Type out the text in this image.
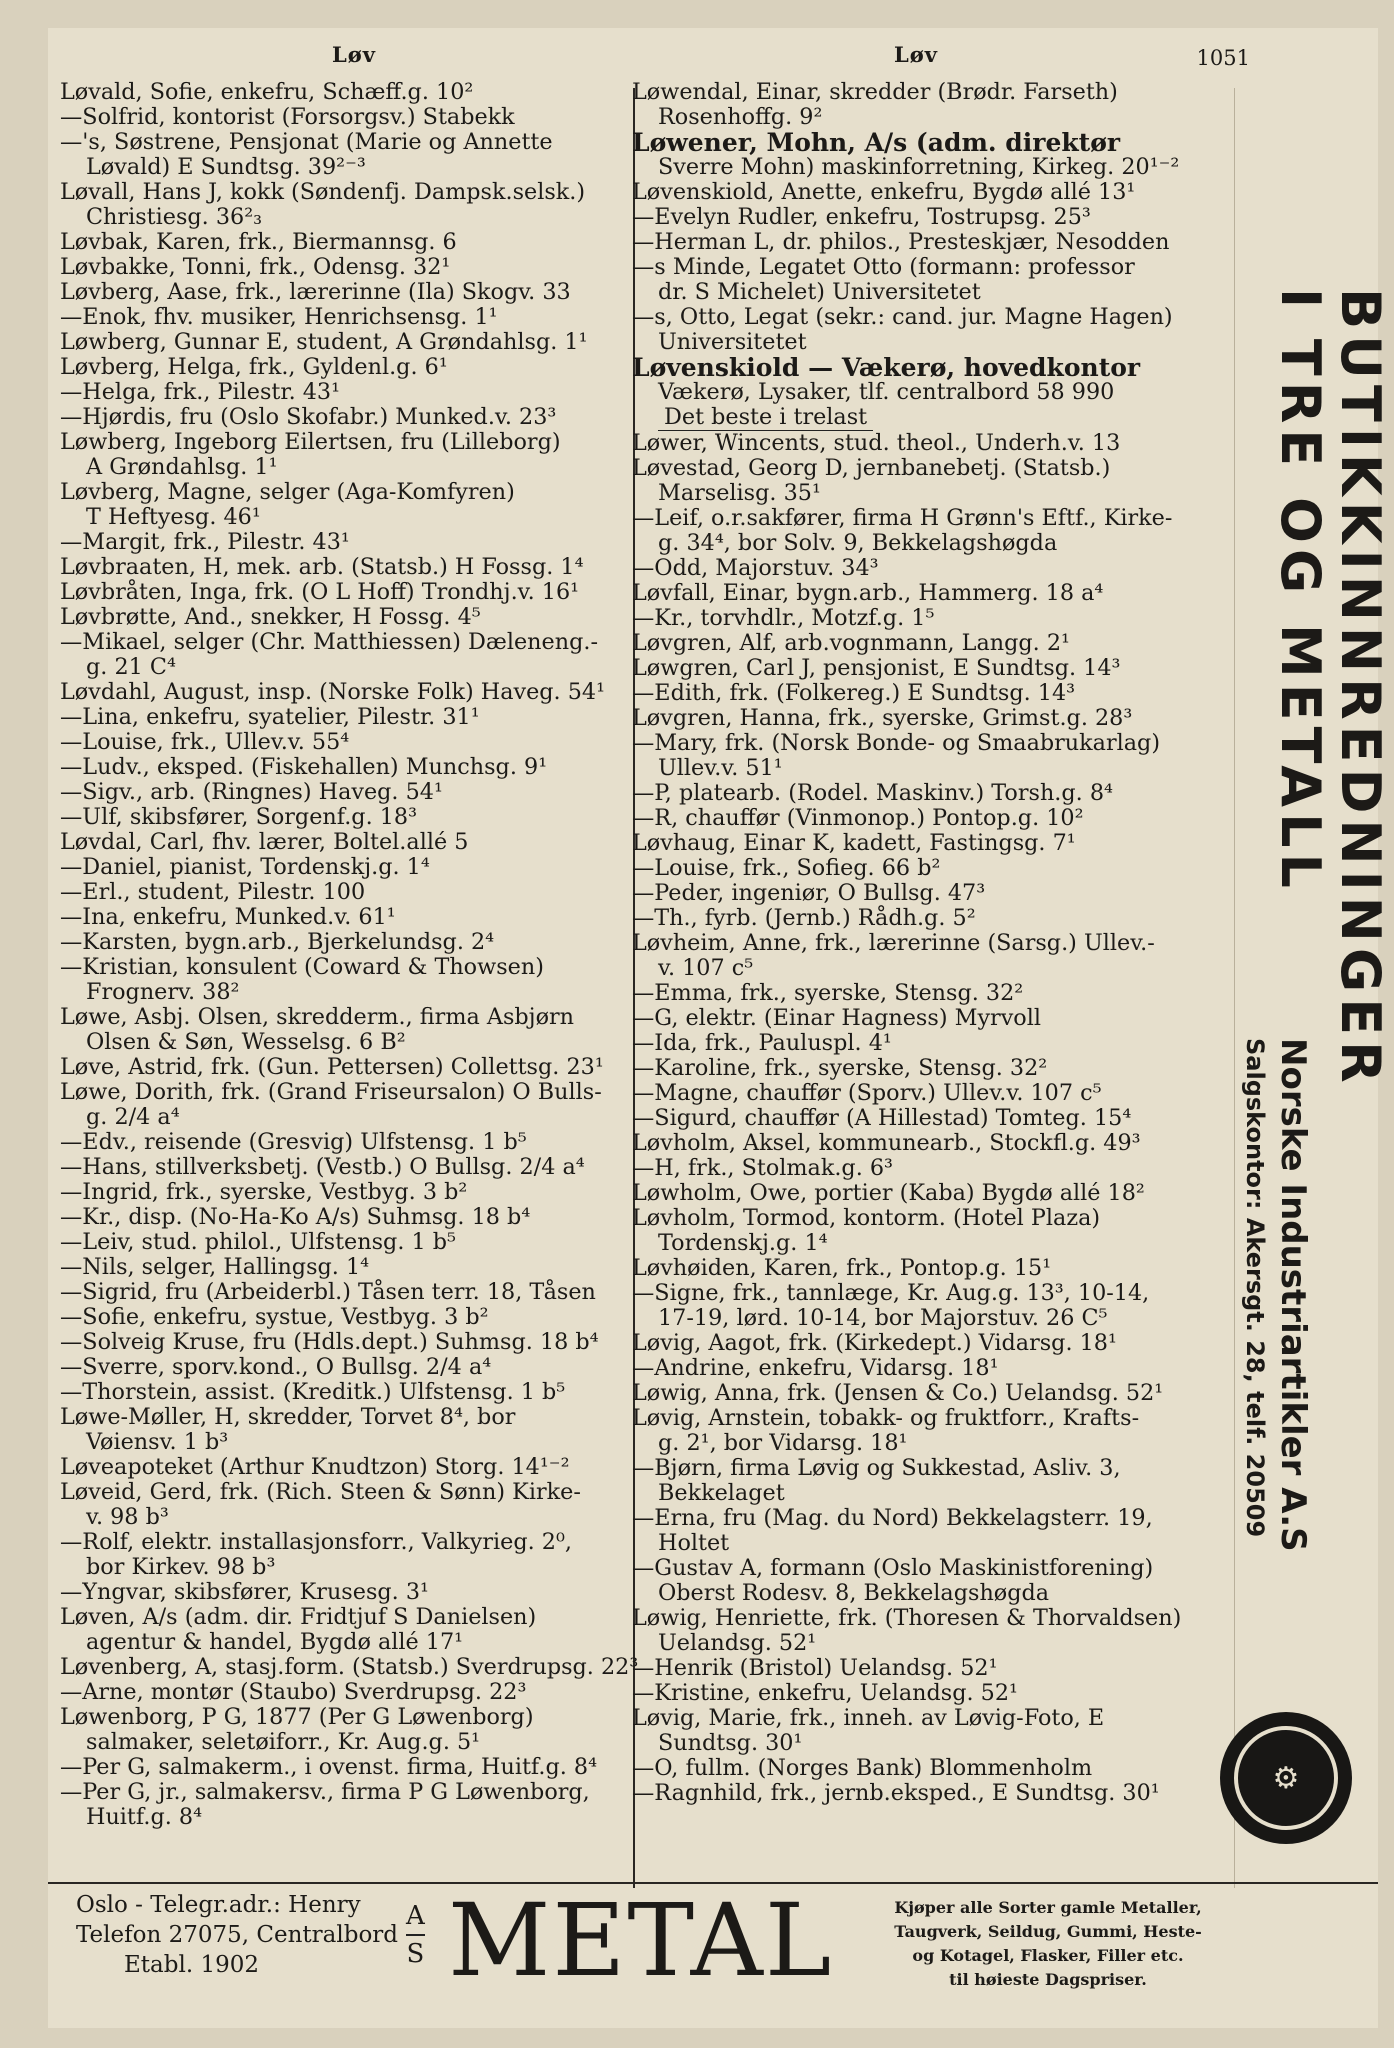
Løv	Løv	1051
Løvald, Sofie, enkefru, Schæff.g. 10²
—Solfrid, kontorist (Forsorgsv.) Stabekk
—'s, Søstrene, Pensjonat (Marie og Annette
Løvald) E Sundtsg. 39²⁻³
Løvall, Hans J, kokk (Søndenfj. Dampsk.selsk.)
Christiesg. 36²₃
Løvbak, Karen, frk., Biermannsg. 6
Løvbakke, Tonni, frk., Odensg. 32¹
Løvberg, Aase, frk., lærerinne (Ila) Skogv. 33
—Enok, fhv. musiker, Henrichsensg. 1¹
Løwberg, Gunnar E, student, A Grøndahlsg. 1¹
Løvberg, Helga, frk., Gyldenl.g. 6¹
—Helga, frk., Pilestr. 43¹
—Hjørdis, fru (Oslo Skofabr.) Munked.v. 23³
Løwberg, Ingeborg Eilertsen, fru (Lilleborg)
A Grøndahlsg. 1¹
Løvberg, Magne, selger (Aga-Komfyren)
T Heftyesg. 46¹
—Margit, frk., Pilestr. 43¹
Løvbraaten, H, mek. arb. (Statsb.) H Fossg. 1⁴
Løvbråten, Inga, frk. (O L Hoff) Trondhj.v. 16¹
Løvbrøtte, And., snekker, H Fossg. 4⁵
—Mikael, selger (Chr. Matthiessen) Dæleneng.-
g. 21 C⁴
Løvdahl, August, insp. (Norske Folk) Haveg. 54¹
—Lina, enkefru, syatelier, Pilestr. 31¹
—Louise, frk., Ullev.v. 55⁴
—Ludv., eksped. (Fiskehallen) Munchsg. 9¹
—Sigv., arb. (Ringnes) Haveg. 54¹
—Ulf, skibsfører, Sorgenf.g. 18³
Løvdal, Carl, fhv. lærer, Boltel.allé 5
—Daniel, pianist, Tordenskj.g. 1⁴
—Erl., student, Pilestr. 100
—Ina, enkefru, Munked.v. 61¹
—Karsten, bygn.arb., Bjerkelundsg. 2⁴
—Kristian, konsulent (Coward & Thowsen)
Frognerv. 38²
Løwe, Asbj. Olsen, skredderm., firma Asbjørn
Olsen & Søn, Wesselsg. 6 B²
Løve, Astrid, frk. (Gun. Pettersen) Collettsg. 23¹
Løwe, Dorith, frk. (Grand Friseursalon) O Bulls-
g. 2/4 a⁴
—Edv., reisende (Gresvig) Ulfstensg. 1 b⁵
—Hans, stillverksbetj. (Vestb.) O Bullsg. 2/4 a⁴
—Ingrid, frk., syerske, Vestbyg. 3 b²
—Kr., disp. (No-Ha-Ko A/s) Suhmsg. 18 b⁴
—Leiv, stud. philol., Ulfstensg. 1 b⁵
—Nils, selger, Hallingsg. 1⁴
—Sigrid, fru (Arbeiderbl.) Tåsen terr. 18, Tåsen
—Sofie, enkefru, systue, Vestbyg. 3 b²
—Solveig Kruse, fru (Hdls.dept.) Suhmsg. 18 b⁴
—Sverre, sporv.kond., O Bullsg. 2/4 a⁴
—Thorstein, assist. (Kreditk.) Ulfstensg. 1 b⁵
Løwe-Møller, H, skredder, Torvet 8⁴, bor
Vøiensv. 1 b³
Løveapoteket (Arthur Knudtzon) Storg. 14¹⁻²
Løveid, Gerd, frk. (Rich. Steen & Sønn) Kirke-
v. 98 b³
—Rolf, elektr. installasjonsforr., Valkyrieg. 2⁰,
bor Kirkev. 98 b³
—Yngvar, skibsfører, Krusesg. 3¹
Løven, A/s (adm. dir. Fridtjuf S Danielsen)
agentur & handel, Bygdø allé 17¹
Løvenberg, A, stasj.form. (Statsb.) Sverdrupsg. 22³
—Arne, montør (Staubo) Sverdrupsg. 22³
Løwenborg, P G, 1877 (Per G Løwenborg)
salmaker, seletøiforr., Kr. Aug.g. 5¹
—Per G, salmakerm., i ovenst. firma, Huitf.g. 8⁴
—Per G, jr., salmakersv., firma P G Løwenborg,
Huitf.g. 8⁴
Løwendal, Einar, skredder (Brødr. Farseth)
Rosenhoffg. 9²
Løwener, Mohn, A/s (adm. direktør
Sverre Mohn) maskinforretning, Kirkeg. 20¹⁻²
Løvenskiold, Anette, enkefru, Bygdø allé 13¹
—Evelyn Rudler, enkefru, Tostrupsg. 25³
—Herman L, dr. philos., Presteskjær, Nesodden
—s Minde, Legatet Otto (formann: professor
dr. S Michelet) Universitetet
—s, Otto, Legat (sekr.: cand. jur. Magne Hagen)
Universitetet
Løvenskiold — Vækerø, hovedkontor
Vækerø, Lysaker, tlf. centralbord 58 990
Det beste i trelast
Løwer, Wincents, stud. theol., Underh.v. 13
Løvestad, Georg D, jernbanebetj. (Statsb.)
Marselisg. 35¹
—Leif, o.r.sakfører, firma H Grønn's Eftf., Kirke-
g. 34⁴, bor Solv. 9, Bekkelagshøgda
—Odd, Majorstuv. 34³
Løvfall, Einar, bygn.arb., Hammerg. 18 a⁴
—Kr., torvhdlr., Motzf.g. 1⁵
Løvgren, Alf, arb.vognmann, Langg. 2¹
Løwgren, Carl J, pensjonist, E Sundtsg. 14³
—Edith, frk. (Folkereg.) E Sundtsg. 14³
Løvgren, Hanna, frk., syerske, Grimst.g. 28³
—Mary, frk. (Norsk Bonde- og Smaabrukarlag)
Ullev.v. 51¹
—P, platearb. (Rodel. Maskinv.) Torsh.g. 8⁴
—R, chauffør (Vinmonop.) Pontop.g. 10²
Løvhaug, Einar K, kadett, Fastingsg. 7¹
—Louise, frk., Sofieg. 66 b²
—Peder, ingeniør, O Bullsg. 47³
—Th., fyrb. (Jernb.) Rådh.g. 5²
Løvheim, Anne, frk., lærerinne (Sarsg.) Ullev.-
v. 107 c⁵
—Emma, frk., syerske, Stensg. 32²
—G, elektr. (Einar Hagness) Myrvoll
—Ida, frk., Pauluspl. 4¹
—Karoline, frk., syerske, Stensg. 32²
—Magne, chauffør (Sporv.) Ullev.v. 107 c⁵
—Sigurd, chauffør (A Hillestad) Tomteg. 15⁴
Løvholm, Aksel, kommunearb., Stockfl.g. 49³
—H, frk., Stolmak.g. 6³
Løwholm, Owe, portier (Kaba) Bygdø allé 18²
Løvholm, Tormod, kontorm. (Hotel Plaza)
Tordenskj.g. 1⁴
Løvhøiden, Karen, frk., Pontop.g. 15¹
—Signe, frk., tannlæge, Kr. Aug.g. 13³, 10-14,
17-19, lørd. 10-14, bor Majorstuv. 26 C⁵
Løvig, Aagot, frk. (Kirkedept.) Vidarsg. 18¹
—Andrine, enkefru, Vidarsg. 18¹
Løwig, Anna, frk. (Jensen & Co.) Uelandsg. 52¹
Løvig, Arnstein, tobakk- og fruktforr., Krafts-
g. 2¹, bor Vidarsg. 18¹
—Bjørn, firma Løvig og Sukkestad, Asliv. 3,
Bekkelaget
—Erna, fru (Mag. du Nord) Bekkelagsterr. 19,
Holtet
—Gustav A, formann (Oslo Maskinistforening)
Oberst Rodesv. 8, Bekkelagshøgda
Løwig, Henriette, frk. (Thoresen & Thorvaldsen)
Uelandsg. 52¹
—Henrik (Bristol) Uelandsg. 52¹
—Kristine, enkefru, Uelandsg. 52¹
Løvig, Marie, frk., inneh. av Løvig-Foto, E
Sundtsg. 30¹
—O, fullm. (Norges Bank) Blommenholm
—Ragnhild, frk., jernb.eksped., E Sundtsg. 30¹
BUTIKKINNREDNINGER
I TRE OG METALL
Norske Industriartikler A.S
Salgskontor: Akersgt. 28, telf. 20509
⚙
Oslo - Telegr.adr.: Henry
Telefon 27075, Centralbord
Etabl. 1902
A
S METAL	Kjøper alle Sorter gamle Metaller,
Taugverk, Seildug, Gummi, Heste-
og Kotagel, Flasker, Filler etc.
til høieste Dagspriser.
